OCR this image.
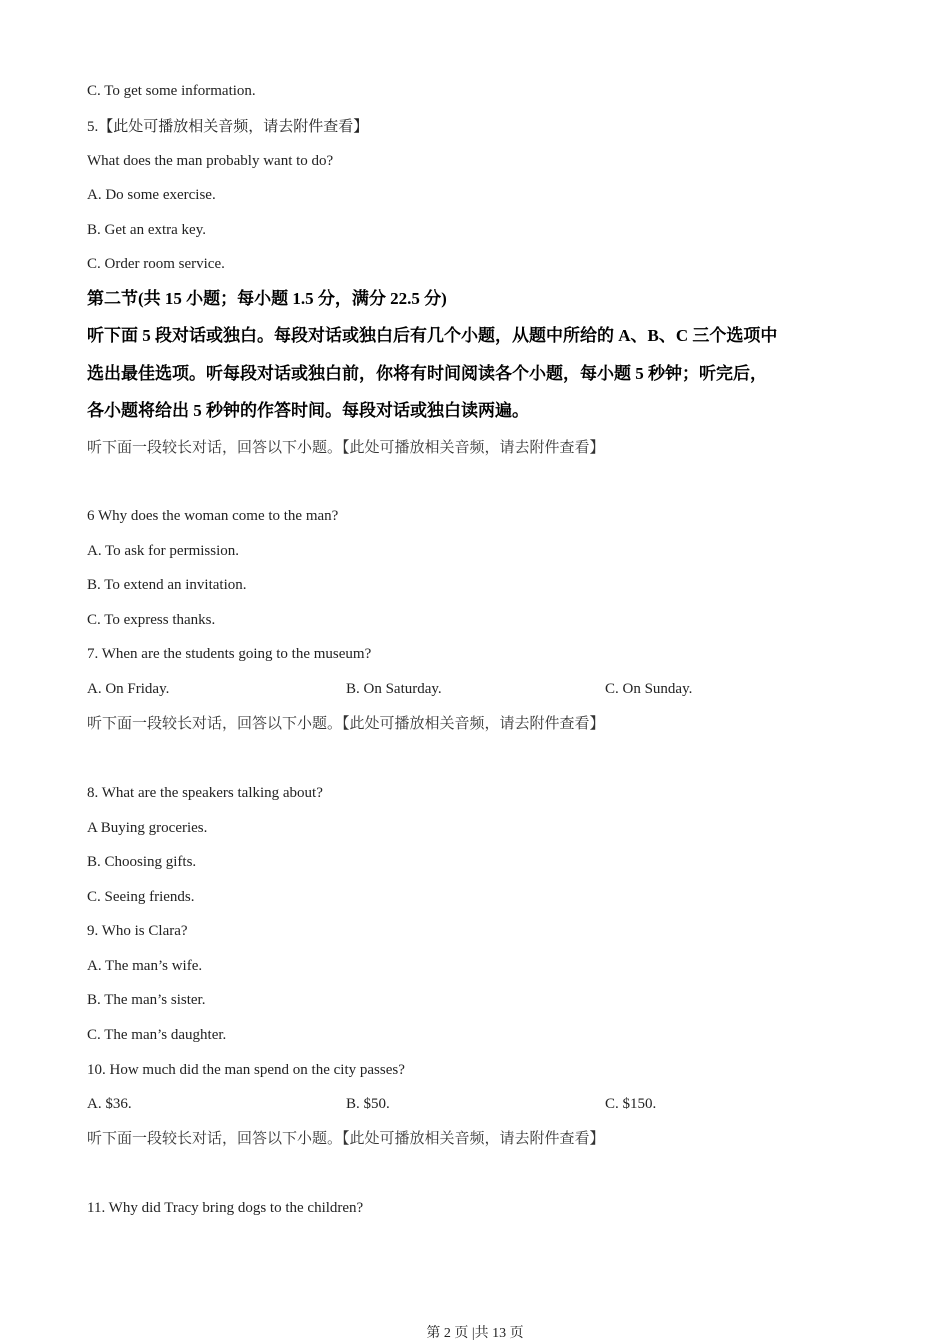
C. To get some information.
5.【此处可播放相关音频，请去附件查看】
What does the man probably want to do?
A. Do some exercise.
B. Get an extra key.
C. Order room service.
第二节(共 15 小题；每小题 1.5 分，满分 22.5 分)
听下面 5 段对话或独白。每段对话或独白后有几个小题，从题中所给的 A、B、C 三个选项中
选出最佳选项。听每段对话或独白前，你将有时间阅读各个小题，每小题 5 秒钟；听完后，
各小题将给出 5 秒钟的作答时间。每段对话或独白读两遍。
听下面一段较长对话，回答以下小题。【此处可播放相关音频，请去附件查看】
6 Why does the woman come to the man?
A. To ask for permission.
B. To extend an invitation.
C. To express thanks.
7. When are the students going to the museum?
A. On Friday.	B. On Saturday.	C. On Sunday.
听下面一段较长对话，回答以下小题。【此处可播放相关音频，请去附件查看】
8. What are the speakers talking about?
A Buying groceries.
B. Choosing gifts.
C. Seeing friends.
9. Who is Clara?
A. The man’s wife.
B. The man’s sister.
C. The man’s daughter.
10. How much did the man spend on the city passes?
A. $36.	B. $50.	C. $150.
听下面一段较长对话，回答以下小题。【此处可播放相关音频，请去附件查看】
11. Why did Tracy bring dogs to the children?
第 2 页 |共 13 页
